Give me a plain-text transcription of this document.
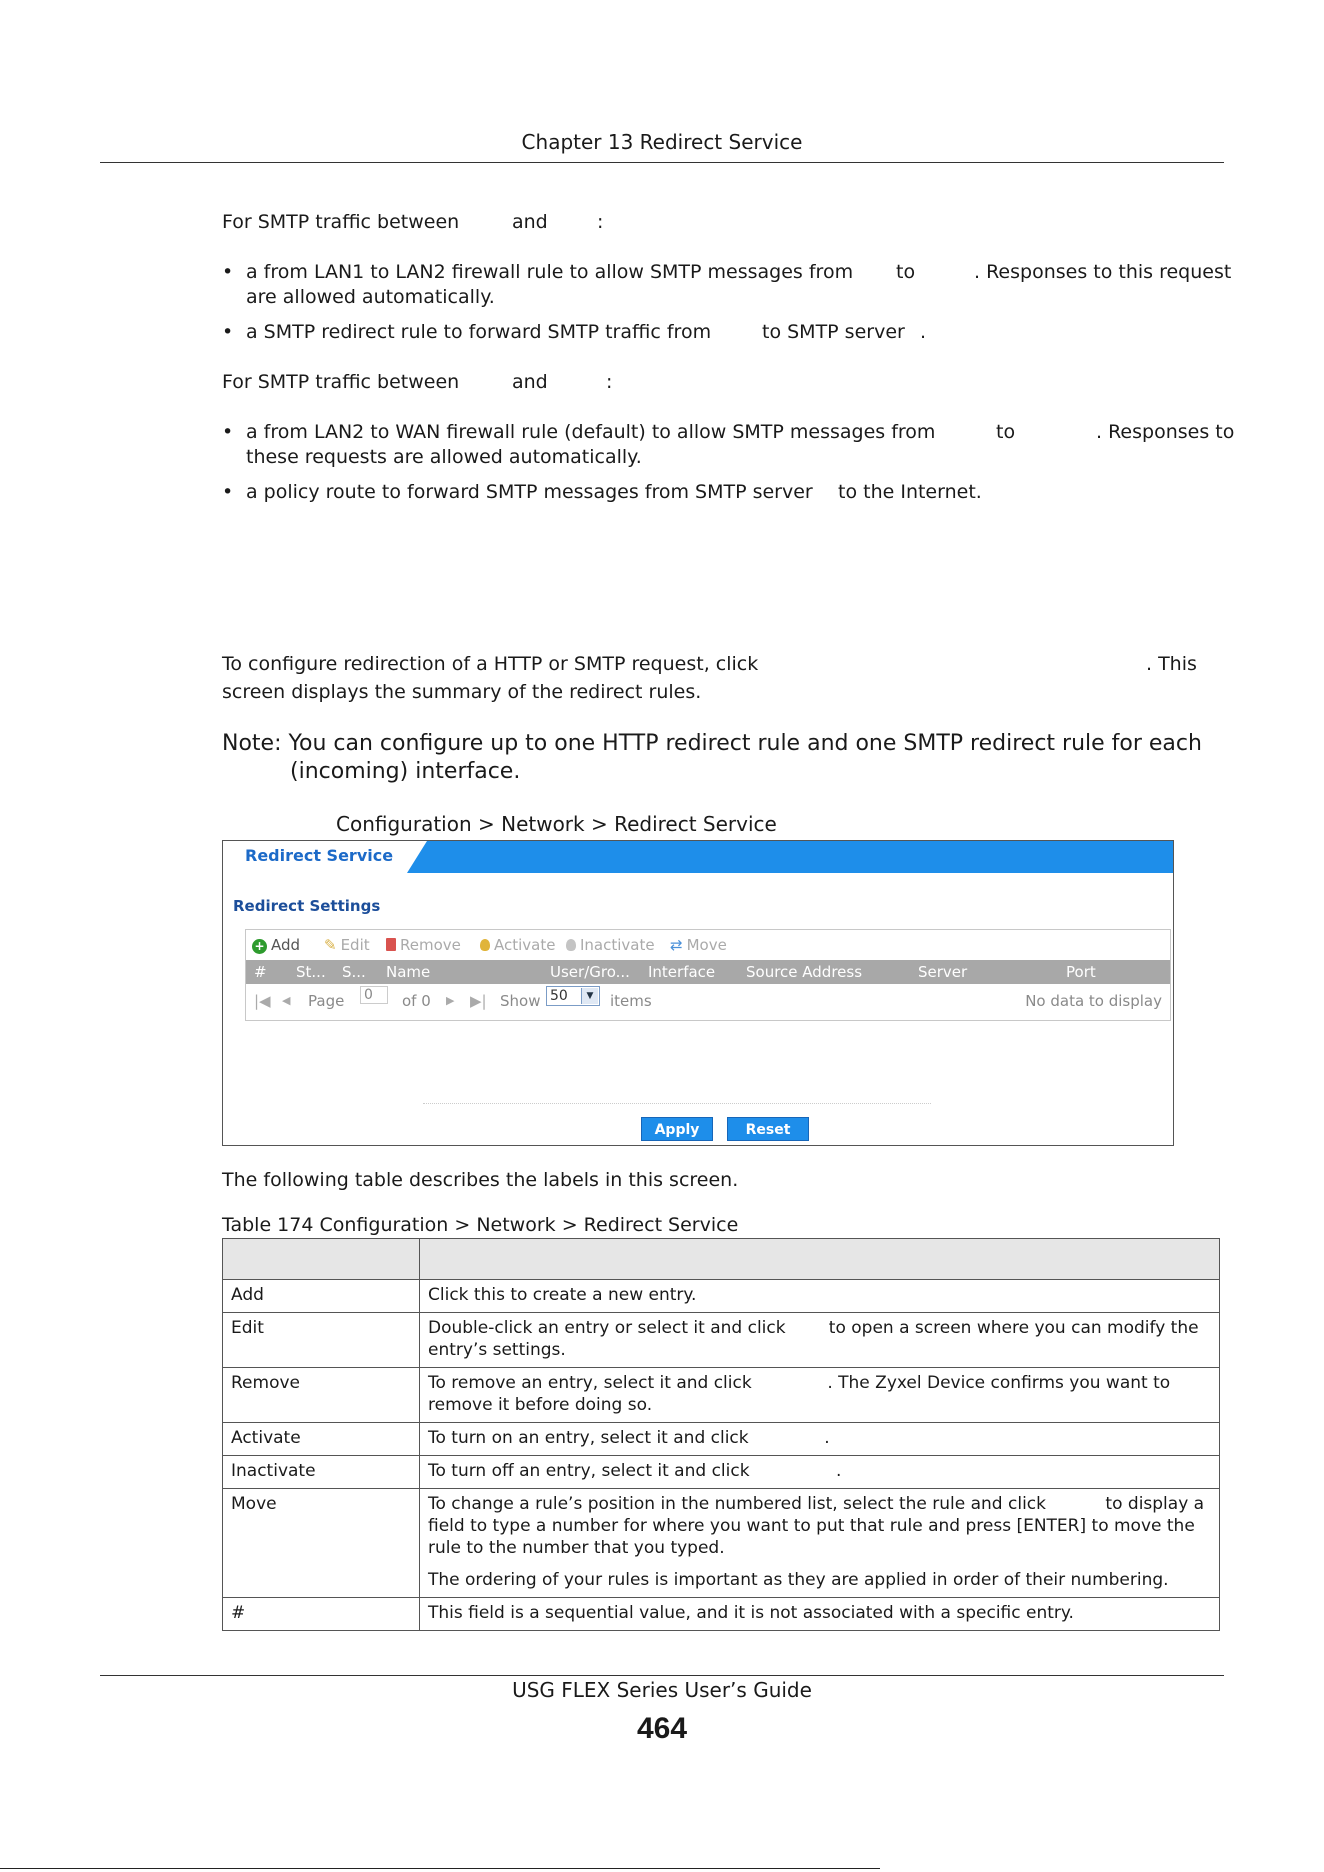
Chapter 13 Redirect Service
For SMTP traffic between	and	:
• a from LAN1 to LAN2 firewall rule to allow SMTP messages from to	. Responses to this request
are allowed automatically.
• a SMTP redirect rule to forward SMTP traffic from	to SMTP server .
For SMTP traffic between	and	:
• a from LAN2 to WAN firewall rule (default) to allow SMTP messages from	to	. Responses to
these requests are allowed automatically.
• a policy route to forward SMTP messages from SMTP server to the Internet.
To configure redirection of a HTTP or SMTP request, click	. This
screen displays the summary of the redirect rules.
Note: You can configure up to one HTTP redirect rule and one SMTP redirect rule for each
(incoming) interface.
Configuration > Network > Redirect Service
Redirect Service
Redirect Settings
+ Add ✎ Edit	Remove	Activate	Inactivate ⇄ Move
# St... S... Name	User/Gro... Interface Source Address	Server	Port
|◀ ◀ Page 0	of 0 ▶ ▶| Show 50	▼	items	No data to display
Apply	Reset
The following table describes the labels in this screen.
Table 174 Configuration > Network > Redirect Service

Add	Click this to create a new entry.

Edit	Double-click an entry or select it and click        to open a screen where you can modify the entry’s settings.

Remove	To remove an entry, select it and click              . The Zyxel Device confirms you want to remove it before doing so.

Activate	To turn on an entry, select it and click              .

Inactivate	To turn off an entry, select it and click                .

Move	To change a rule’s position in the numbered list, select the rule and click           to display a field to type a number for where you want to put that rule and press [ENTER] to move the rule to the number that you typed.

The ordering of your rules is important as they are applied in order of their numbering.

#	This field is a sequential value, and it is not associated with a specific entry.

USG FLEX Series User’s Guide
464
